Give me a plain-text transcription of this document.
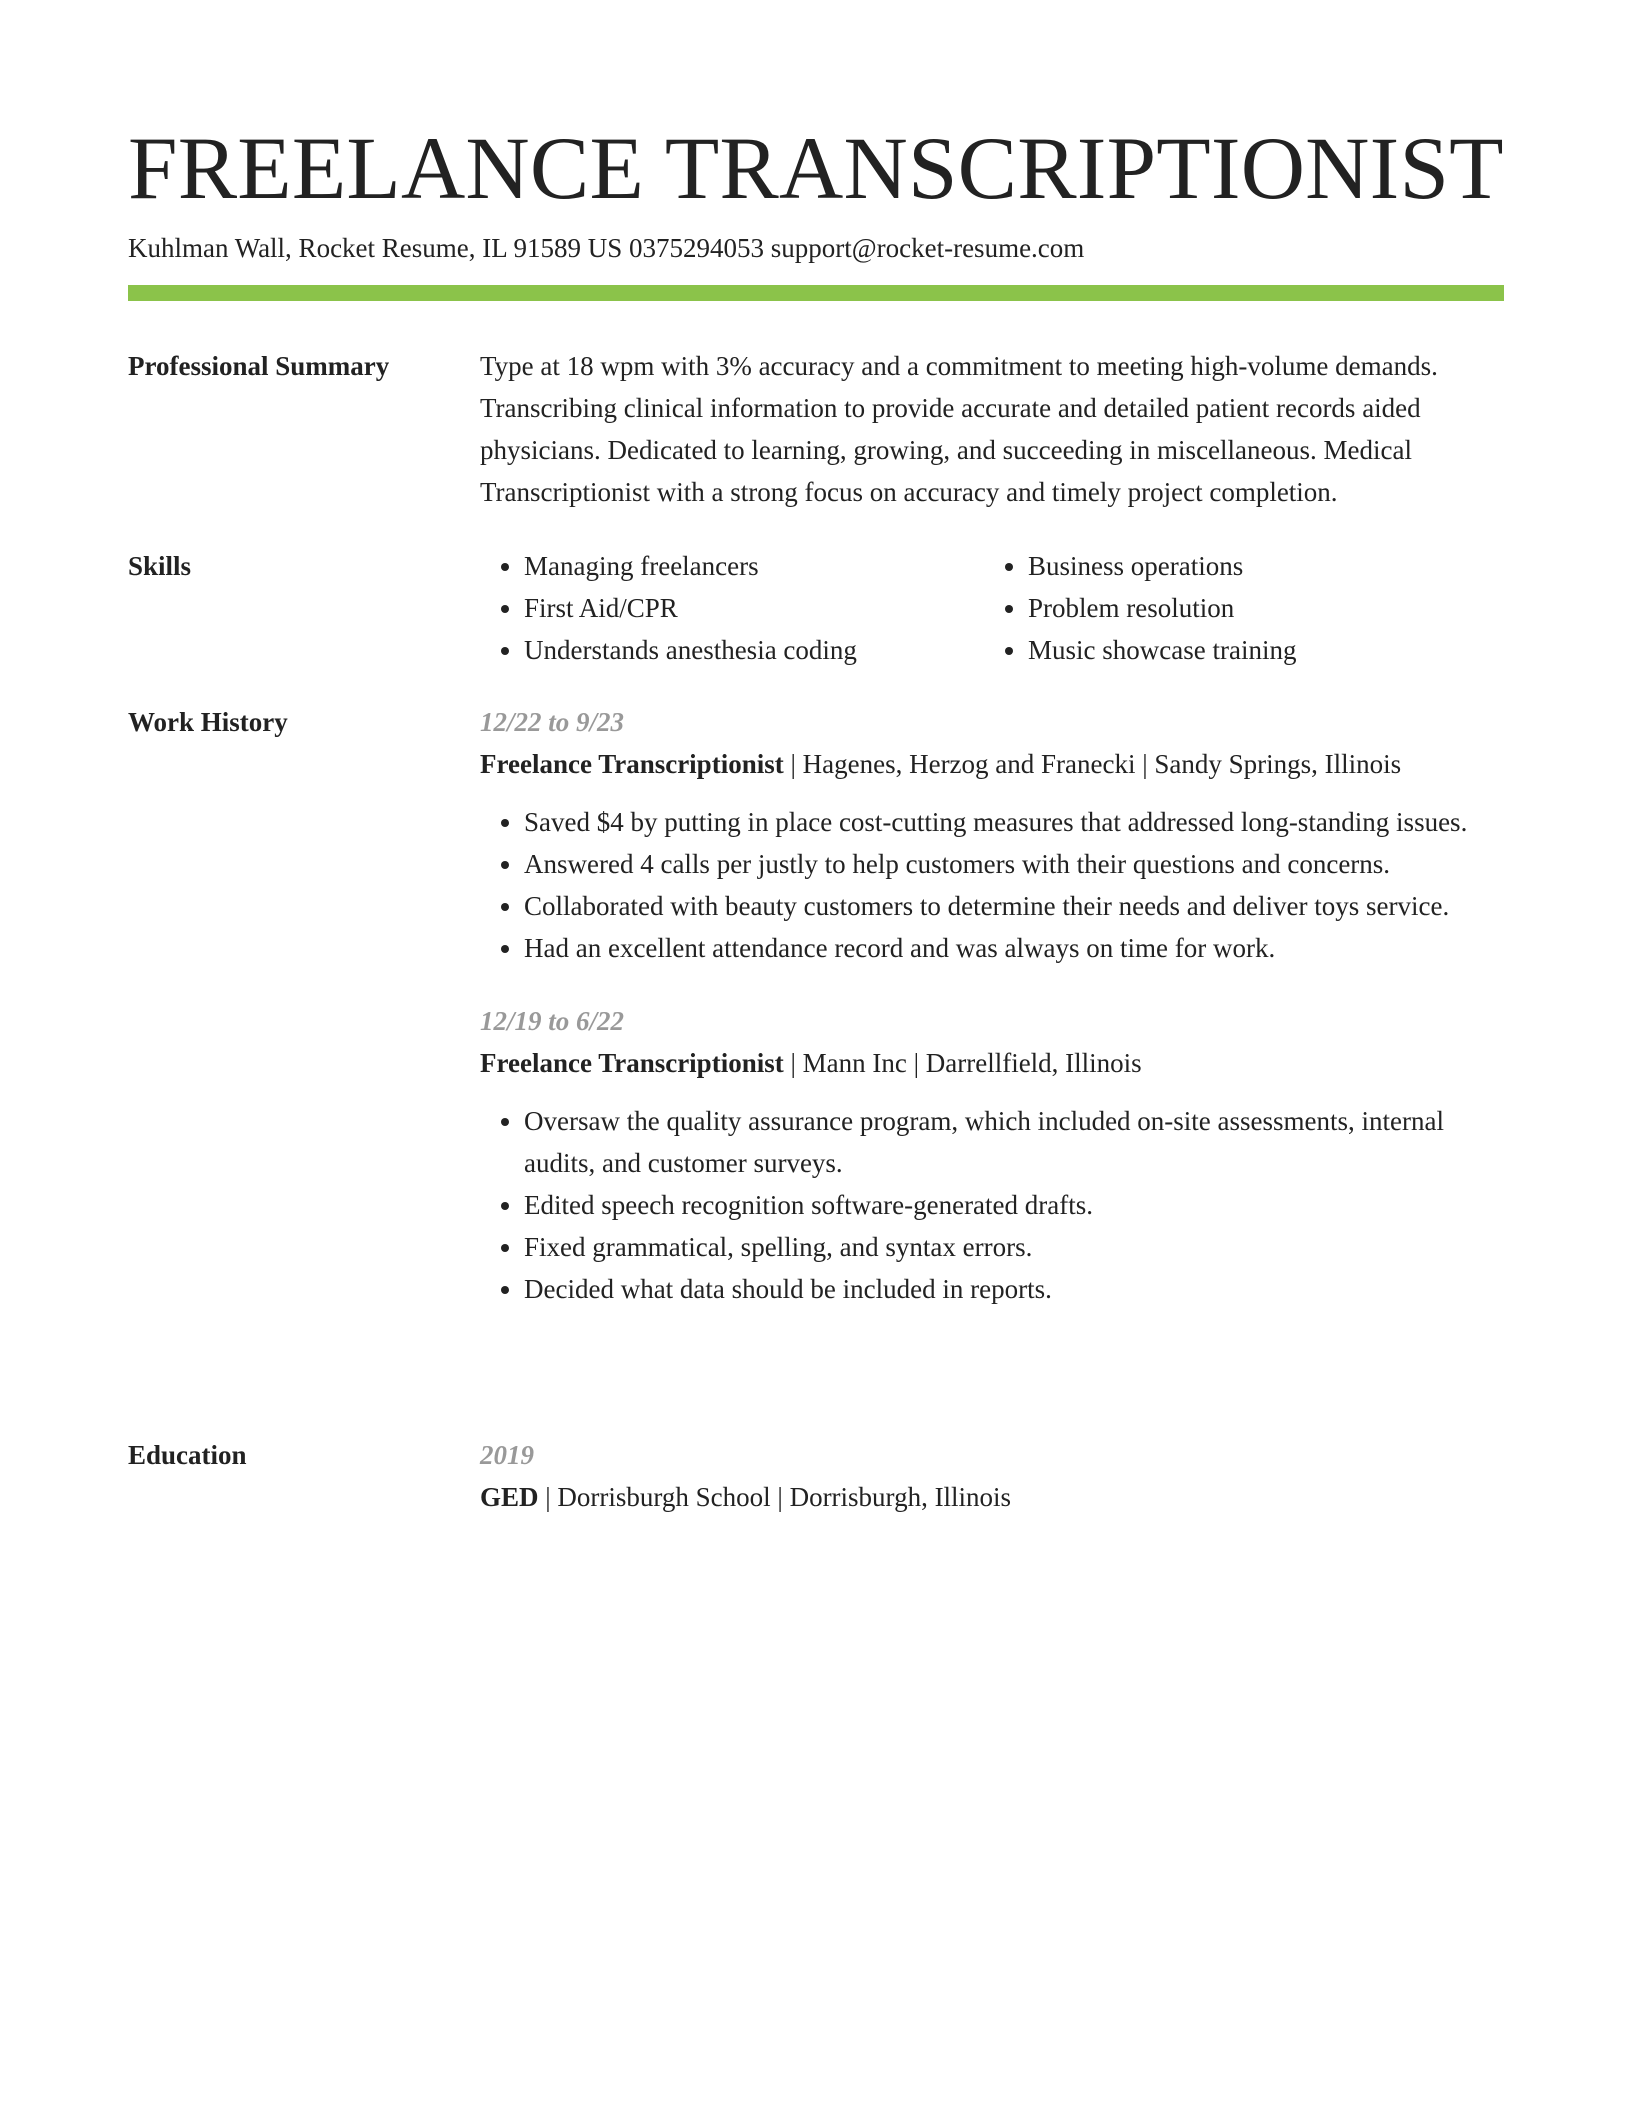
FREELANCE TRANSCRIPTIONIST
Kuhlman Wall, Rocket Resume, IL 91589 US 0375294053 support@rocket-resume.com
Professional Summary	Type at 18 wpm with 3% accuracy and a commitment to meeting high-volume demands. Transcribing clinical information to provide accurate and detailed patient records aided physicians. Dedicated to learning, growing, and succeeding in miscellaneous. Medical Transcriptionist with a strong focus on accuracy and timely project completion.

Skills
•	Managing freelancers
• First Aid/CPR
• Understands anesthesia coding
• Business operations
• Problem resolution
• Music showcase training
Work History	12/22 to 9/23
Freelance Transcriptionist | Hagenes, Herzog and Franecki | Sandy Springs, Illinois
• Saved $4 by putting in place cost-cutting measures that addressed long-standing issues.
• Answered 4 calls per justly to help customers with their questions and concerns.
• Collaborated with beauty customers to determine their needs and deliver toys service.
• Had an excellent attendance record and was always on time for work.
12/19 to 6/22
Freelance Transcriptionist | Mann Inc | Darrellfield, Illinois
• Oversaw the quality assurance program, which included on-site assessments, internal audits, and customer surveys.
• Edited speech recognition software-generated drafts.
• Fixed grammatical, spelling, and syntax errors.
• Decided what data should be included in reports.
Education	2019
GED | Dorrisburgh School | Dorrisburgh, Illinois
